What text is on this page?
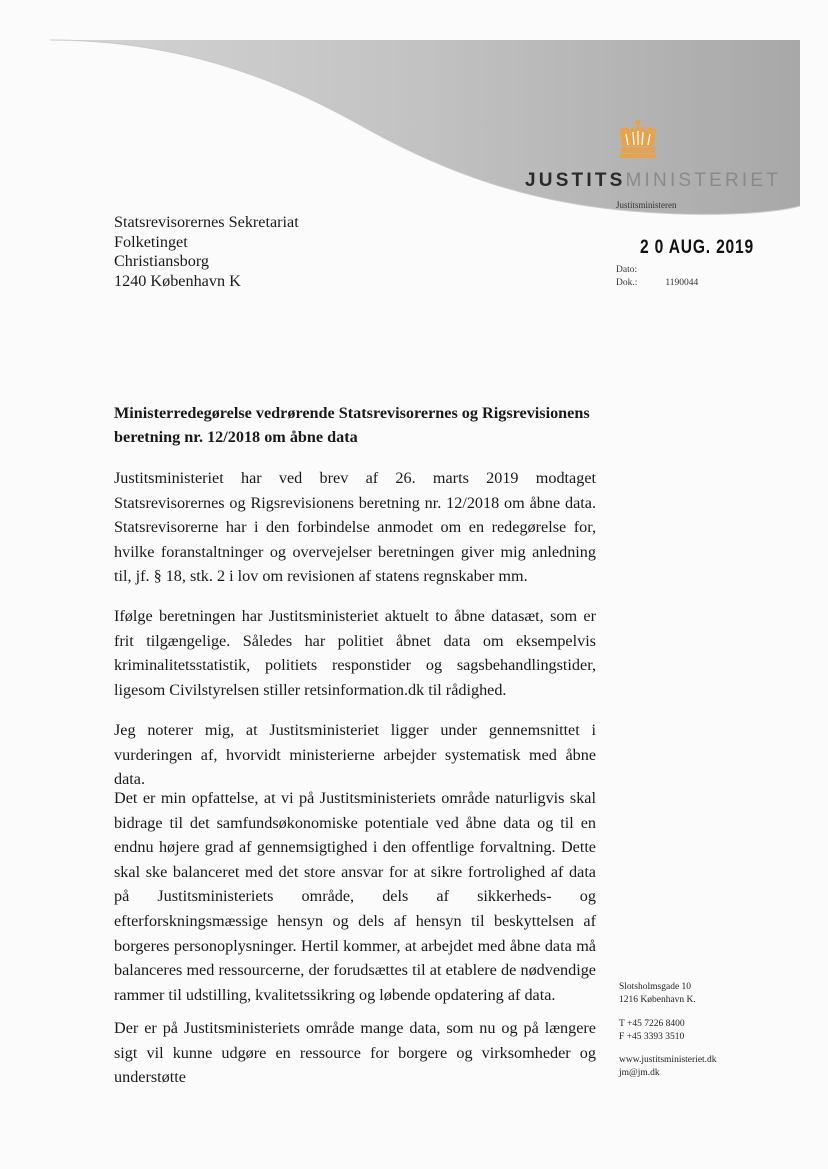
JUSTITSMINISTERIET
Justitsministeren
Statsrevisorernes Sekretariat
Folketinget
Christiansborg
1240 København K
2 0 AUG. 2019
Dato:
Dok.:	1190044
Ministerredegørelse vedrørende Statsrevisorernes og Rigsrevisionens beretning nr. 12/2018 om åbne data

Justitsministeriet har ved brev af 26. marts 2019 modtaget Statsrevisorernes og Rigsrevisionens beretning nr. 12/2018 om åbne data. Statsrevisorerne har i den forbindelse anmodet om en redegørelse for, hvilke foranstaltninger og overvejelser beretningen giver mig anledning til, jf. § 18, stk. 2 i lov om revisionen af statens regnskaber mm.

Ifølge beretningen har Justitsministeriet aktuelt to åbne datasæt, som er frit tilgængelige. Således har politiet åbnet data om eksempelvis kriminalitetsstatistik, politiets responstider og sagsbehandlingstider, ligesom Civilstyrelsen stiller retsinformation.dk til rådighed.

Jeg noterer mig, at Justitsministeriet ligger under gennemsnittet i vurderingen af, hvorvidt ministerierne arbejder systematisk med åbne data.

Det er min opfattelse, at vi på Justitsministeriets område naturligvis skal bidrage til det samfundsøkonomiske potentiale ved åbne data og til en endnu højere grad af gennemsigtighed i den offentlige forvaltning. Dette skal ske balanceret med det store ansvar for at sikre fortrolighed af data på Justitsministeriets område, dels af sikkerheds- og efterforskningsmæssige hensyn og dels af hensyn til beskyttelsen af borgeres personoplysninger. Hertil kommer, at arbejdet med åbne data må balanceres med ressourcerne, der forudsættes til at etablere de nødvendige rammer til udstilling, kvalitetssikring og løbende opdatering af data.

Der er på Justitsministeriets område mange data, som nu og på længere sigt vil kunne udgøre en ressource for borgere og virksomheder og understøtte

Slotsholmsgade 10
1216 København K.
T +45 7226 8400
F +45 3393 3510
www.justitsministeriet.dk
jm@jm.dk
